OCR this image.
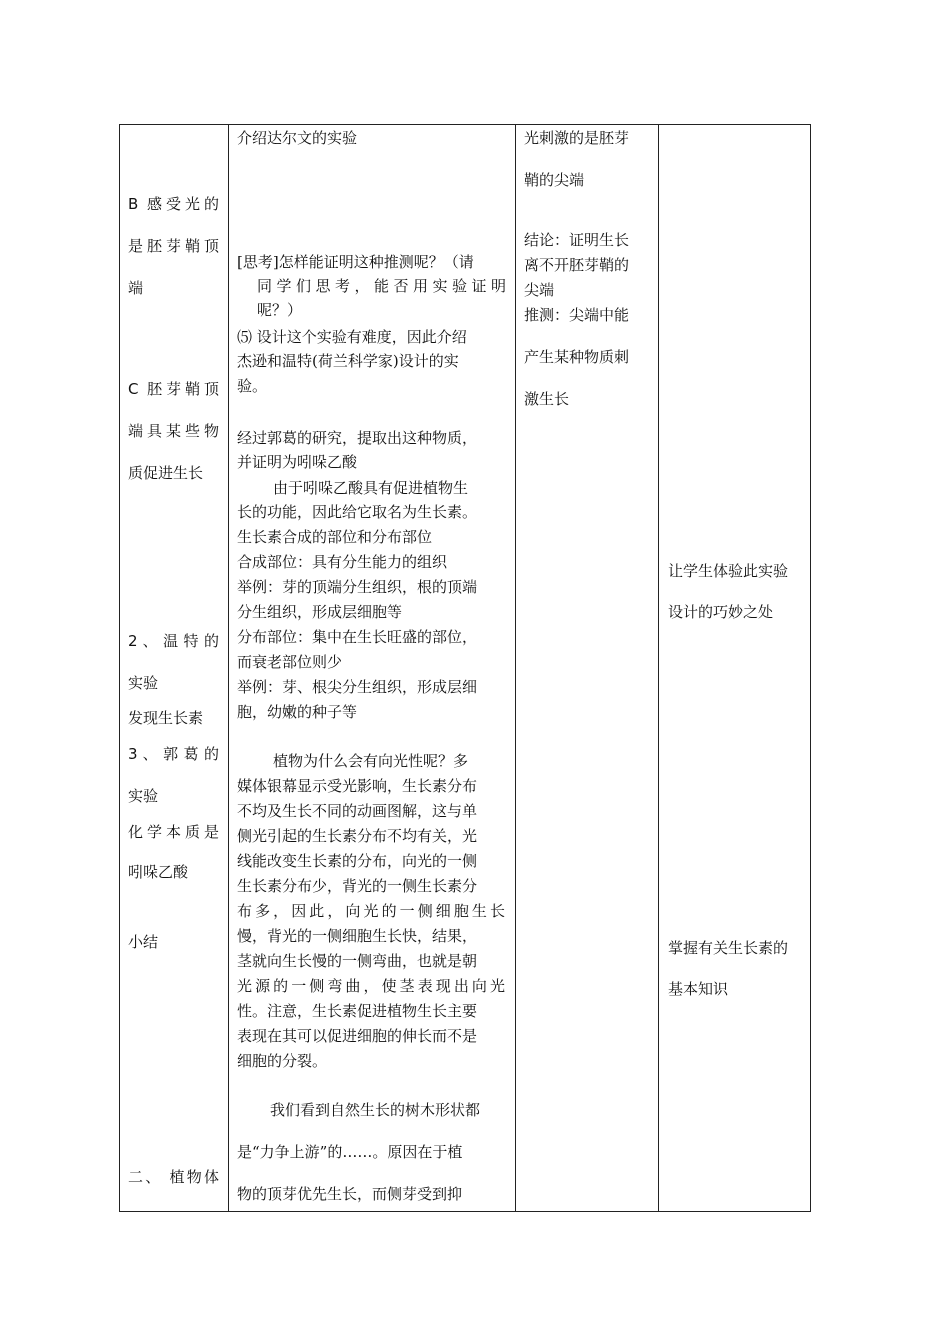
B 感受光的
是胚芽鞘顶
端
C 胚芽鞘顶
端具某些物
质促进生长
2 、 温 特 的
实验
发现生长素
3 、 郭 葛 的
实验
化学本质是
吲哚乙酸
小结
二、 植物体
介绍达尔文的实验
[思考]怎样能证明这种推测呢？（请
同学们思考，能否用实验证明
呢？）
⑸ 设计这个实验有难度，因此介绍
杰逊和温特(荷兰科学家)设计的实
验。
经过郭葛的研究，提取出这种物质，
并证明为吲哚乙酸
由于吲哚乙酸具有促进植物生
长的功能，因此给它取名为生长素。
生长素合成的部位和分布部位
合成部位：具有分生能力的组织
举例：芽的顶端分生组织，根的顶端
分生组织，形成层细胞等
分布部位：集中在生长旺盛的部位，
而衰老部位则少
举例：芽、根尖分生组织，形成层细
胞，幼嫩的种子等
植物为什么会有向光性呢？多
媒体银幕显示受光影响，生长素分布
不均及生长不同的动画图解，这与单
侧光引起的生长素分布不均有关，光
线能改变生长素的分布，向光的一侧
生长素分布少，背光的一侧生长素分
布多，因此，向光的一侧细胞生长
慢，背光的一侧细胞生长快，结果，
茎就向生长慢的一侧弯曲，也就是朝
光源的一侧弯曲，使茎表现出向光
性。注意，生长素促进植物生长主要
表现在其可以促进细胞的伸长而不是
细胞的分裂。
我们看到自然生长的树木形状都
是“力争上游”的……。原因在于植
物的顶芽优先生长，而侧芽受到抑
光刺激的是胚芽
鞘的尖端
结论：证明生长
离不开胚芽鞘的
尖端
推测：尖端中能
产生某种物质刺
激生长
让学生体验此实验
设计的巧妙之处
掌握有关生长素的
基本知识
